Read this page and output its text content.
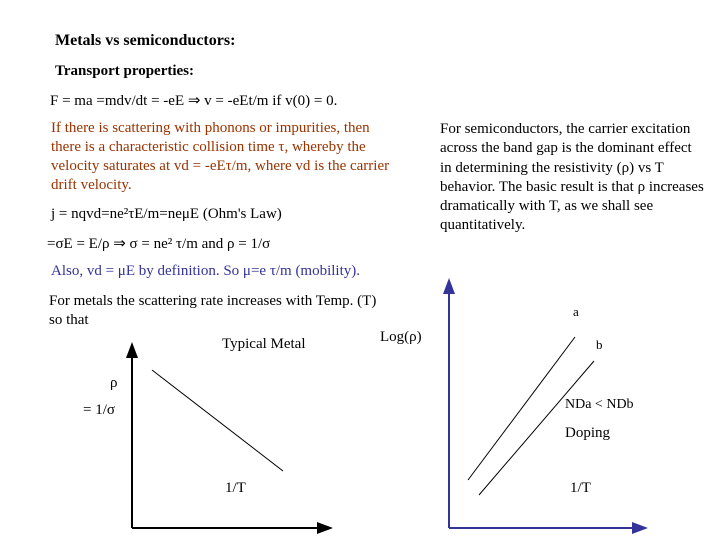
Metals vs semiconductors:
Transport properties:
F = ma =mdv/dt = -eE ⇒ v = -eEt/m if v(0) = 0.
If there is scattering with phonons or impurities, then there is a characteristic collision time τ, whereby the velocity saturates at vd = -eEτ/m, where vd is the carrier drift velocity.
j = nqvd=ne²τE/m=neμE (Ohm's Law)
=σE = E/ρ ⇒ σ = ne² τ/m and ρ = 1/σ
Also, vd = μE by definition. So μ=e τ/m (mobility).
For semiconductors, the carrier excitation across the band gap is the dominant effect in determining the resistivity (ρ) vs T behavior. The basic result is that ρ increases dramatically with T, as we shall see quantitatively.
For metals the scattering rate increases with Temp. (T) so that
Typical Metal
ρ
= 1/σ
1/T
Log(ρ)
a
b
NDa < NDb
Doping
1/T
